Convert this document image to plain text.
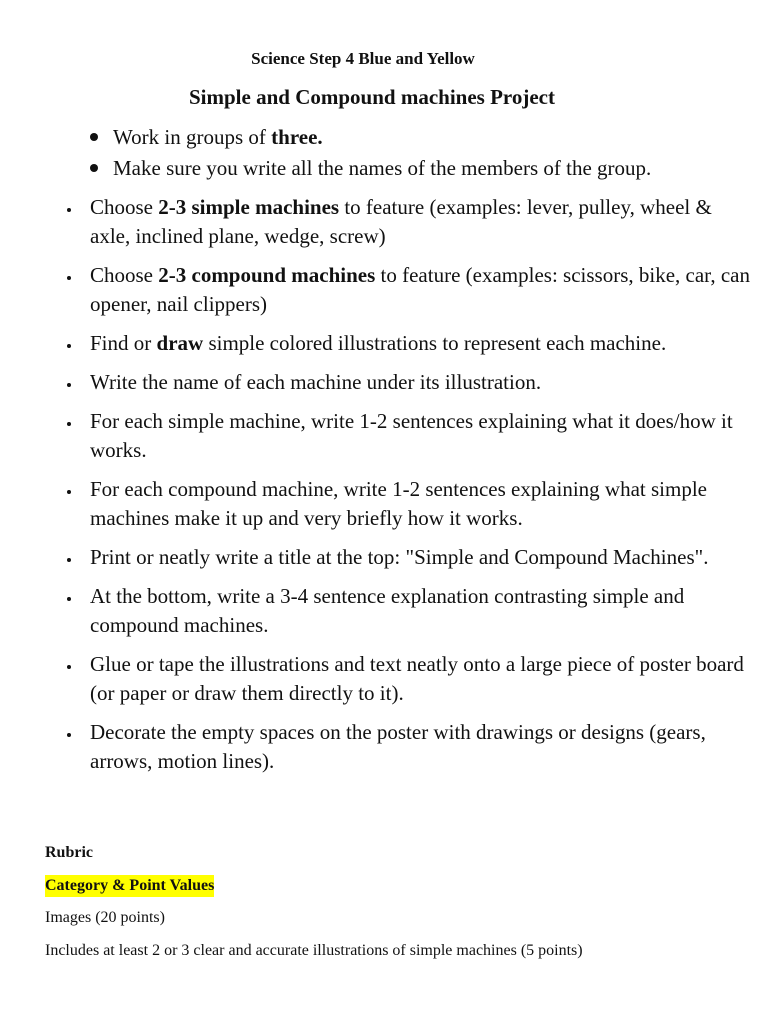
Science Step 4 Blue and Yellow
Simple and Compound machines Project
Work in groups of three.
Make sure you write all the names of the members of the group.
Choose 2-3 simple machines to feature (examples: lever, pulley, wheel & axle, inclined plane, wedge, screw)
Choose 2-3 compound machines to feature (examples: scissors, bike, car, can opener, nail clippers)
Find or draw simple colored illustrations to represent each machine.
Write the name of each machine under its illustration.
For each simple machine, write 1-2 sentences explaining what it does/how it works.
For each compound machine, write 1-2 sentences explaining what simple machines make it up and very briefly how it works.
Print or neatly write a title at the top: "Simple and Compound Machines".
At the bottom, write a 3-4 sentence explanation contrasting simple and compound machines.
Glue or tape the illustrations and text neatly onto a large piece of poster board (or paper or draw them directly to it).
Decorate the empty spaces on the poster with drawings or designs (gears, arrows, motion lines).
Rubric
Category & Point Values
Images (20 points)
Includes at least 2 or 3 clear and accurate illustrations of simple machines (5 points)
